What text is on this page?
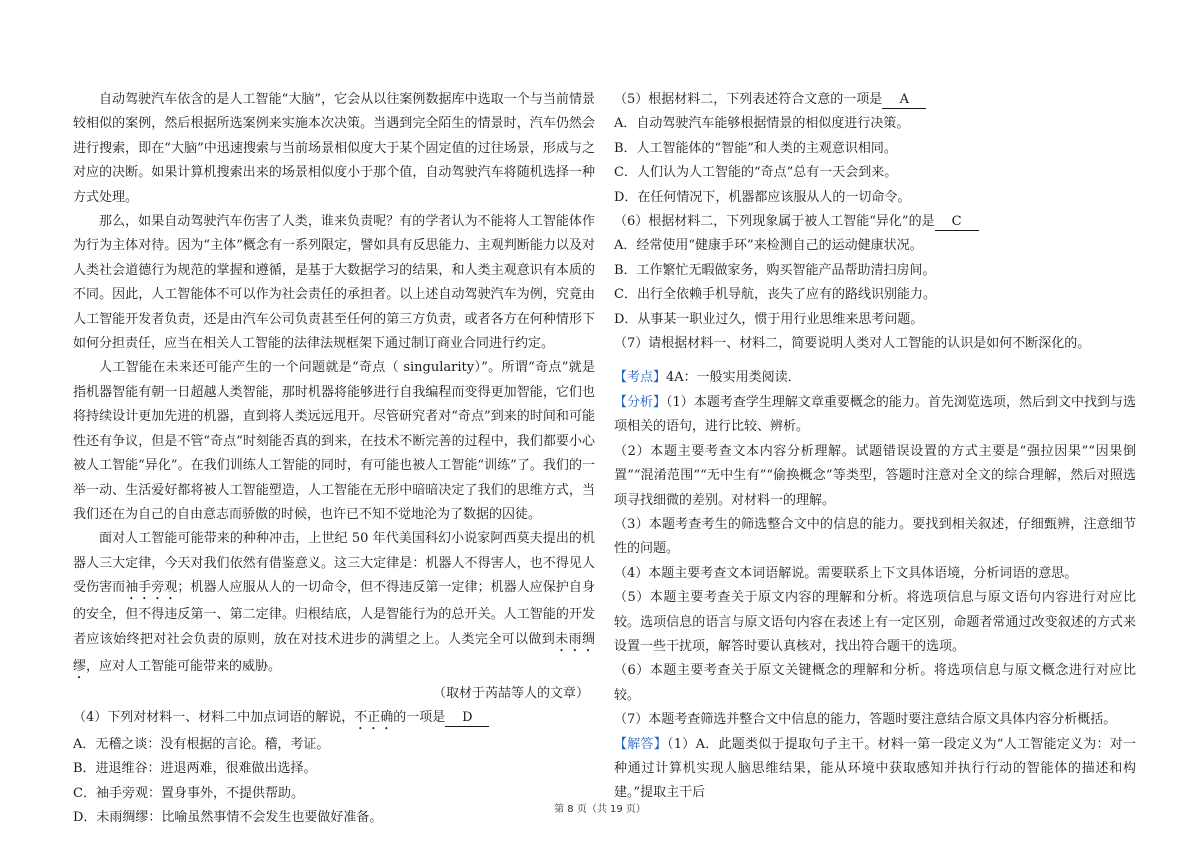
自动驾驶汽车依含的是人工智能“大脑”，它会从以往案例数据库中选取一个与当前情景较相似的案例，然后根据所选案例来实施本次决策。当遇到完全陌生的情景时，汽车仍然会进行搜索，即在“大脑”中迅速搜索与当前场景相似度大于某个固定值的过往场景，形成与之对应的决断。如果计算机搜索出来的场景相似度小于那个值，自动驾驶汽车将随机选择一种方式处理。

那么，如果自动驾驶汽车伤害了人类，谁来负责呢？有的学者认为不能将人工智能体作为行为主体对待。因为“主体”概念有一系列限定，譬如具有反思能力、主观判断能力以及对人类社会道德行为规范的掌握和遵循，是基于大数据学习的结果，和人类主观意识有本质的不同。因此，人工智能体不可以作为社会责任的承担者。以上述自动驾驶汽车为例，究竟由人工智能开发者负责，还是由汽车公司负责甚至任何的第三方负责，或者各方在何种情形下如何分担责任，应当在相关人工智能的法律法规框架下通过制订商业合同进行约定。

人工智能在未来还可能产生的一个问题就是“奇点（ singularity）”。所谓“奇点”就是指机器智能有朝一日超越人类智能，那时机器将能够进行自我编程而变得更加智能，它们也将持续设计更加先进的机器，直到将人类远远甩开。尽管研究者对“奇点”到来的时间和可能性还有争议，但是不管“奇点”时刻能否真的到来，在技术不断完善的过程中，我们都要小心被人工智能“异化”。在我们训练人工智能的同时，有可能也被人工智能“训练”了。我们的一举一动、生活爱好都将被人工智能塑造，人工智能在无形中暗暗决定了我们的思维方式，当我们还在为自己的自由意志而骄傲的时候，也许已不知不觉地沦为了数据的囚徒。

面对人工智能可能带来的种种冲击，上世纪 50 年代美国科幻小说家阿西莫夫提出的机器人三大定律，今天对我们依然有借鉴意义。这三大定律是：机器人不得害人，也不得见人受伤害而袖手旁观；机器人应服从人的一切命令，但不得违反第一定律；机器人应保护自身的安全，但不得违反第一、第二定律。归根结底，人是智能行为的总开关。人工智能的开发者应该始终把对社会负责的原则，放在对技术进步的满望之上。人类完全可以做到未雨绸缪，应对人工智能可能带来的威胁。

（取材于芮喆等人的文章）

（4）下列对材料一、材料二中加点词语的解说，不正确的一项是 D

A．无稽之谈：没有根据的言论。稽，考证。

B．进退维谷：进退两难，很难做出选择。

C．袖手旁观：置身事外，不提供帮助。

D．未雨绸缪：比喻虽然事情不会发生也要做好准备。

（5）根据材料二，下列表述符合文意的一项是 A

A．自动驾驶汽车能够根据情景的相似度进行决策。

B．人工智能体的“智能”和人类的主观意识相同。

C．人们认为人工智能的“奇点”总有一天会到来。

D．在任何情况下，机器都应该服从人的一切命令。

（6）根据材料二，下列现象属于被人工智能“异化”的是 C

A．经常使用“健康手环”来检测自己的运动健康状况。

B．工作繁忙无暇做家务，购买智能产品帮助清扫房间。

C．出行全依赖手机导航，丧失了应有的路线识别能力。

D．从事某一职业过久，惯于用行业思维来思考问题。

（7）请根据材料一、材料二，简要说明人类对人工智能的认识是如何不断深化的。

【考点】4A：一般实用类阅读．

【分析】（1）本题考查学生理解文章重要概念的能力。首先浏览选项，然后到文中找到与选项相关的语句，进行比较、辨析。

（2）本题主要考查文本内容分析理解。试题错误设置的方式主要是“强拉因果”“因果倒置”“混淆范围”“无中生有”“偷换概念”等类型，答题时注意对全文的综合理解，然后对照选项寻找细微的差别。对材料一的理解。

（3）本题考查考生的筛选整合文中的信息的能力。要找到相关叙述，仔细甄辨，注意细节性的问题。

（4）本题主要考查文本词语解说。需要联系上下文具体语境，分析词语的意思。

（5）本题主要考查关于原文内容的理解和分析。将选项信息与原文语句内容进行对应比较。选项信息的语言与原文语句内容在表述上有一定区别，命题者常通过改变叙述的方式来设置一些干扰项，解答时要认真核对，找出符合题干的选项。

（6）本题主要考查关于原文关键概念的理解和分析。将选项信息与原文概念进行对应比较。

（7）本题考查筛选并整合文中信息的能力，答题时要注意结合原文具体内容分析概括。

【解答】（1）A．此题类似于提取句子主干。材料一第一段定义为“人工智能定义为：对一种通过计算机实现人脑思维结果，能从环境中获取感知并执行行动的智能体的描述和构建。”提取主干后

第 8 页（共 19 页）
